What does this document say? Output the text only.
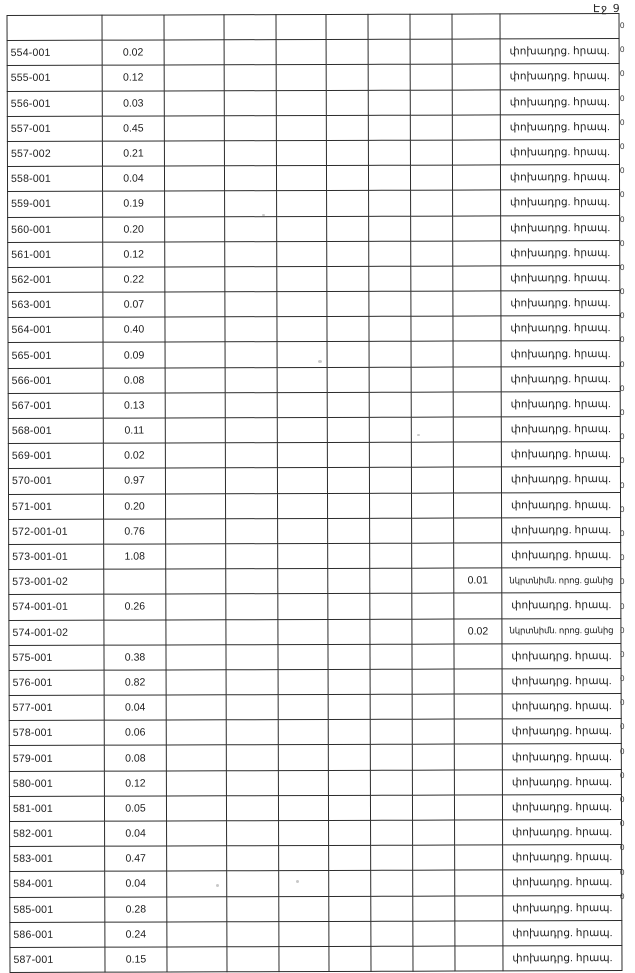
Էջ 9

554-001	0.02								փոխադրց. հրապ.
555-001	0.12								փոխադրց. հրապ.
556-001	0.03								փոխադրց. հրապ.
557-001	0.45								փոխադրց. հրապ.
557-002	0.21								փոխադրց. հրապ.
558-001	0.04								փոխադրց. հրապ.
559-001	0.19								փոխադրց. հրապ.
560-001	0.20								փոխադրց. հրապ.
561-001	0.12								փոխադրց. հրապ.
562-001	0.22								փոխադրց. հրապ.
563-001	0.07								փոխադրց. հրապ.
564-001	0.40								փոխադրց. հրապ.
565-001	0.09								փոխադրց. հրապ.
566-001	0.08								փոխադրց. հրապ.
567-001	0.13								փոխադրց. հրապ.
568-001	0.11								փոխադրց. հրապ.
569-001	0.02								փոխադրց. հրապ.
570-001	0.97								փոխադրց. հրապ.
571-001	0.20								փոխադրց. հրապ.
572-001-01	0.76								փոխադրց. հրապ.
573-001-01	1.08								փոխադրց. հրապ.
573-001-02								0.01	նկրտնիմն. որոց. ցանից
574-001-01	0.26								փոխադրց. հրապ.
574-001-02								0.02	նկրտնիմն. որոց. ցանից
575-001	0.38								փոխադրց. հրապ.
576-001	0.82								փոխադրց. հրապ.
577-001	0.04								փոխադրց. հրապ.
578-001	0.06								փոխադրց. հրապ.
579-001	0.08								փոխադրց. հրապ.
580-001	0.12								փոխադրց. հրապ.
581-001	0.05								փոխադրց. հրապ.
582-001	0.04								փոխադրց. հրապ.
583-001	0.47								փոխադրց. հրապ.
584-001	0.04								փոխադրց. հրապ.
585-001	0.28								փոխադրց. հրապ.
586-001	0.24								փոխադրց. հրապ.
587-001	0.15								փոխադրց. հրապ.
0
0
0
0
0
0
0
0
0
0
0
0
0
0
0
0
0
0
0
0
0
0
0
0
0
0
0
0
0
0
0
0
0
0
0
0
0
